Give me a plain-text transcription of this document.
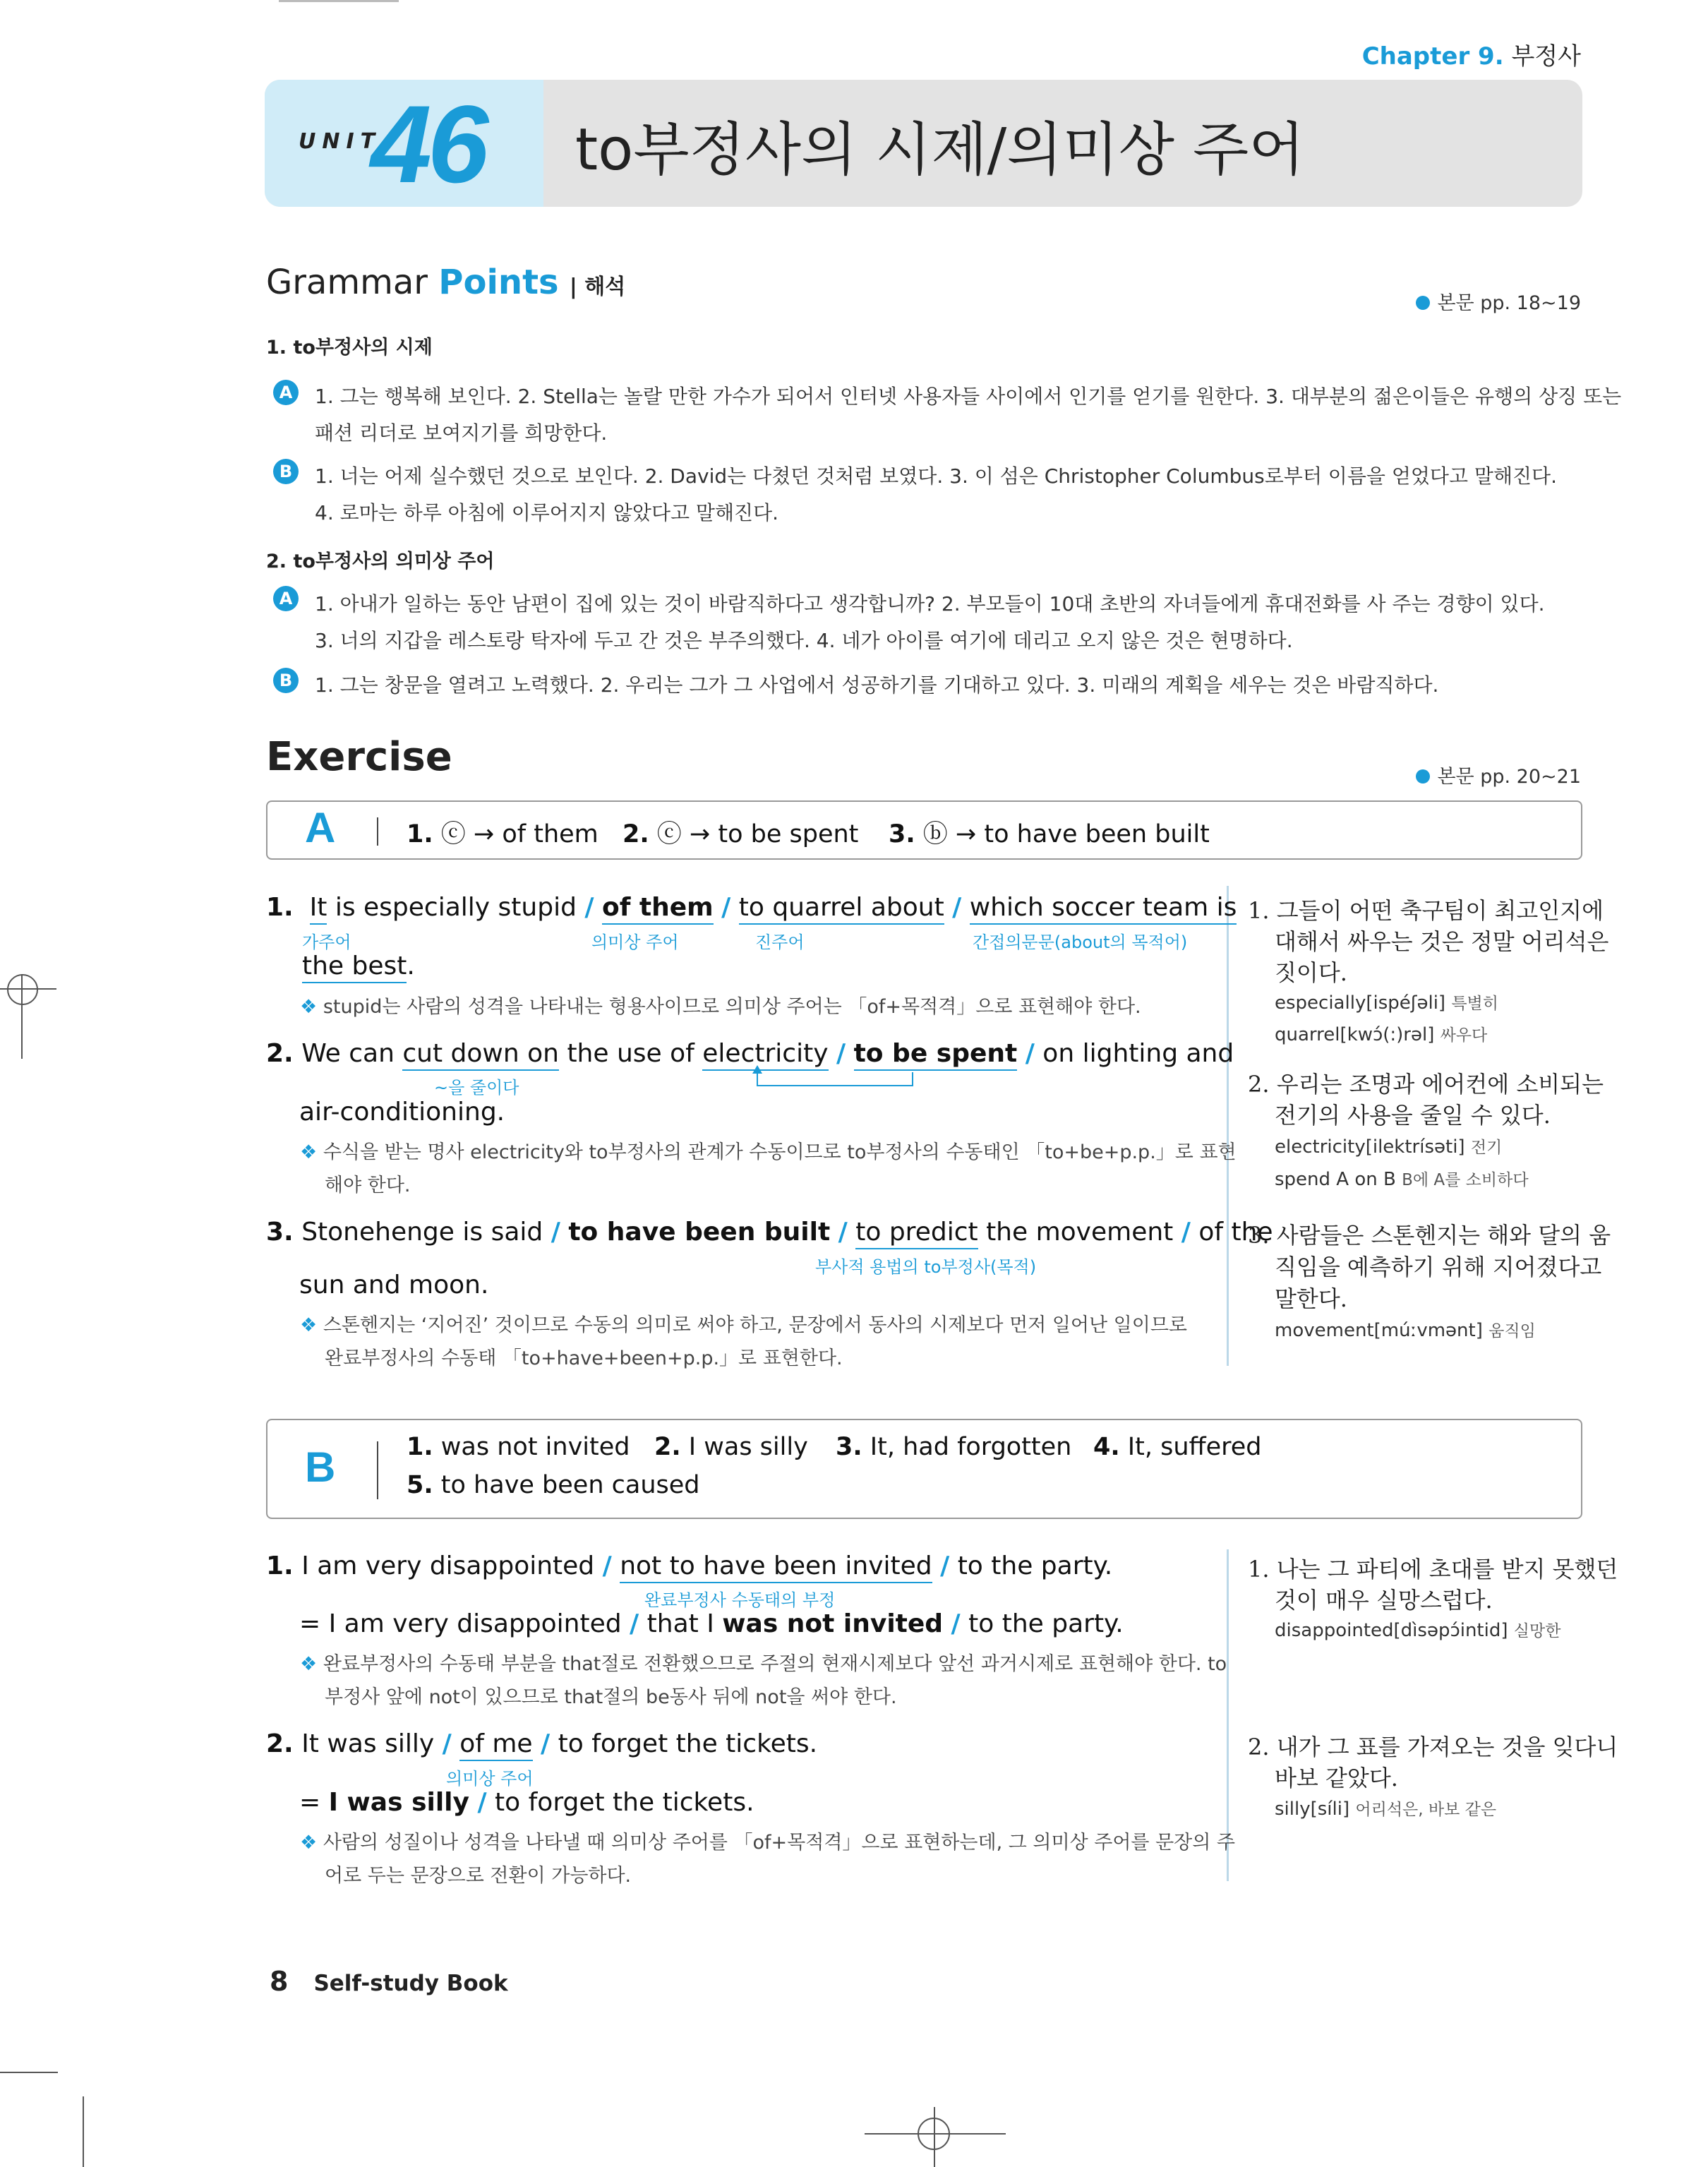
Chapter 9. 부정사
UNIT
46 to부정사의 시제/의미상 주어
Grammar Points | 해석
본문 pp. 18~19
1. to부정사의 시제
A	1. 그는 행복해 보인다. 2. Stella는 놀랄 만한 가수가 되어서 인터넷 사용자들 사이에서 인기를 얻기를 원한다. 3. 대부분의 젊은이들은 유행의 상징 또는
패션 리더로 보여지기를 희망한다.
B	1. 너는 어제 실수했던 것으로 보인다. 2. David는 다쳤던 것처럼 보였다. 3. 이 섬은 Christopher Columbus로부터 이름을 얻었다고 말해진다.
4. 로마는 하루 아침에 이루어지지 않았다고 말해진다.
2. to부정사의 의미상 주어
A	1. 아내가 일하는 동안 남편이 집에 있는 것이 바람직하다고 생각합니까? 2. 부모들이 10대 초반의 자녀들에게 휴대전화를 사 주는 경향이 있다.
3. 너의 지갑을 레스토랑 탁자에 두고 간 것은 부주의했다. 4. 네가 아이를 여기에 데리고 오지 않은 것은 현명하다.
B	1. 그는 창문을 열려고 노력했다. 2. 우리는 그가 그 사업에서 성공하기를 기대하고 있다. 3. 미래의 계획을 세우는 것은 바람직하다.
Exercise	본문 pp. 20~21
A	1. ⓒ → of them 2. ⓒ → to be spent 3. ⓑ → to have been built
1. It is especially stupid / of them / to quarrel about / which soccer team is
가주어	의미상 주어	진주어	간접의문문(about의 목적어)
the best.
❖ stupid는 사람의 성격을 나타내는 형용사이므로 의미상 주어는 「of+목적격」으로 표현해야 한다.
1. 그들이 어떤 축구팀이 최고인지에
대해서 싸우는 것은 정말 어리석은
짓이다.
especially[ispéʃəli] 특별히
quarrel[kwɔ́(:)rəl] 싸우다
2. We can cut down on the use of electricity / to be spent / on lighting and
~을 줄이다
air-conditioning.
❖ 수식을 받는 명사 electricity와 to부정사의 관계가 수동이므로 to부정사의 수동태인 「to+be+p.p.」로 표현
해야 한다.
2. 우리는 조명과 에어컨에 소비되는
전기의 사용을 줄일 수 있다.
electricity[ilektrísəti] 전기
spend A on B B에 A를 소비하다
3. Stonehenge is said / to have been built / to predict the movement / of the
부사적 용법의 to부정사(목적)
sun and moon.
❖ 스톤헨지는 ‘지어진’ 것이므로 수동의 의미로 써야 하고, 문장에서 동사의 시제보다 먼저 일어난 일이므로
완료부정사의 수동태 「to+have+been+p.p.」로 표현한다.
3. 사람들은 스톤헨지는 해와 달의 움
직임을 예측하기 위해 지어졌다고
말한다.
movement[múːvmənt] 움직임
B	1. was not invited 2. I was silly 3. It, had forgotten 4. It, suffered
5. to have been caused
1. I am very disappointed / not to have been invited / to the party.
완료부정사 수동태의 부정
= I am very disappointed / that I was not invited / to the party.
❖ 완료부정사의 수동태 부분을 that절로 전환했으므로 주절의 현재시제보다 앞선 과거시제로 표현해야 한다. to
부정사 앞에 not이 있으므로 that절의 be동사 뒤에 not을 써야 한다.
1. 나는 그 파티에 초대를 받지 못했던
것이 매우 실망스럽다.
disappointed[dìsəpɔ́intid] 실망한
2. It was silly / of me / to forget the tickets.
의미상 주어
= I was silly / to forget the tickets.
❖ 사람의 성질이나 성격을 나타낼 때 의미상 주어를 「of+목적격」으로 표현하는데, 그 의미상 주어를 문장의 주
어로 두는 문장으로 전환이 가능하다.
2. 내가 그 표를 가져오는 것을 잊다니
바보 같았다.
silly[síli] 어리석은, 바보 같은
8 Self-study Book
